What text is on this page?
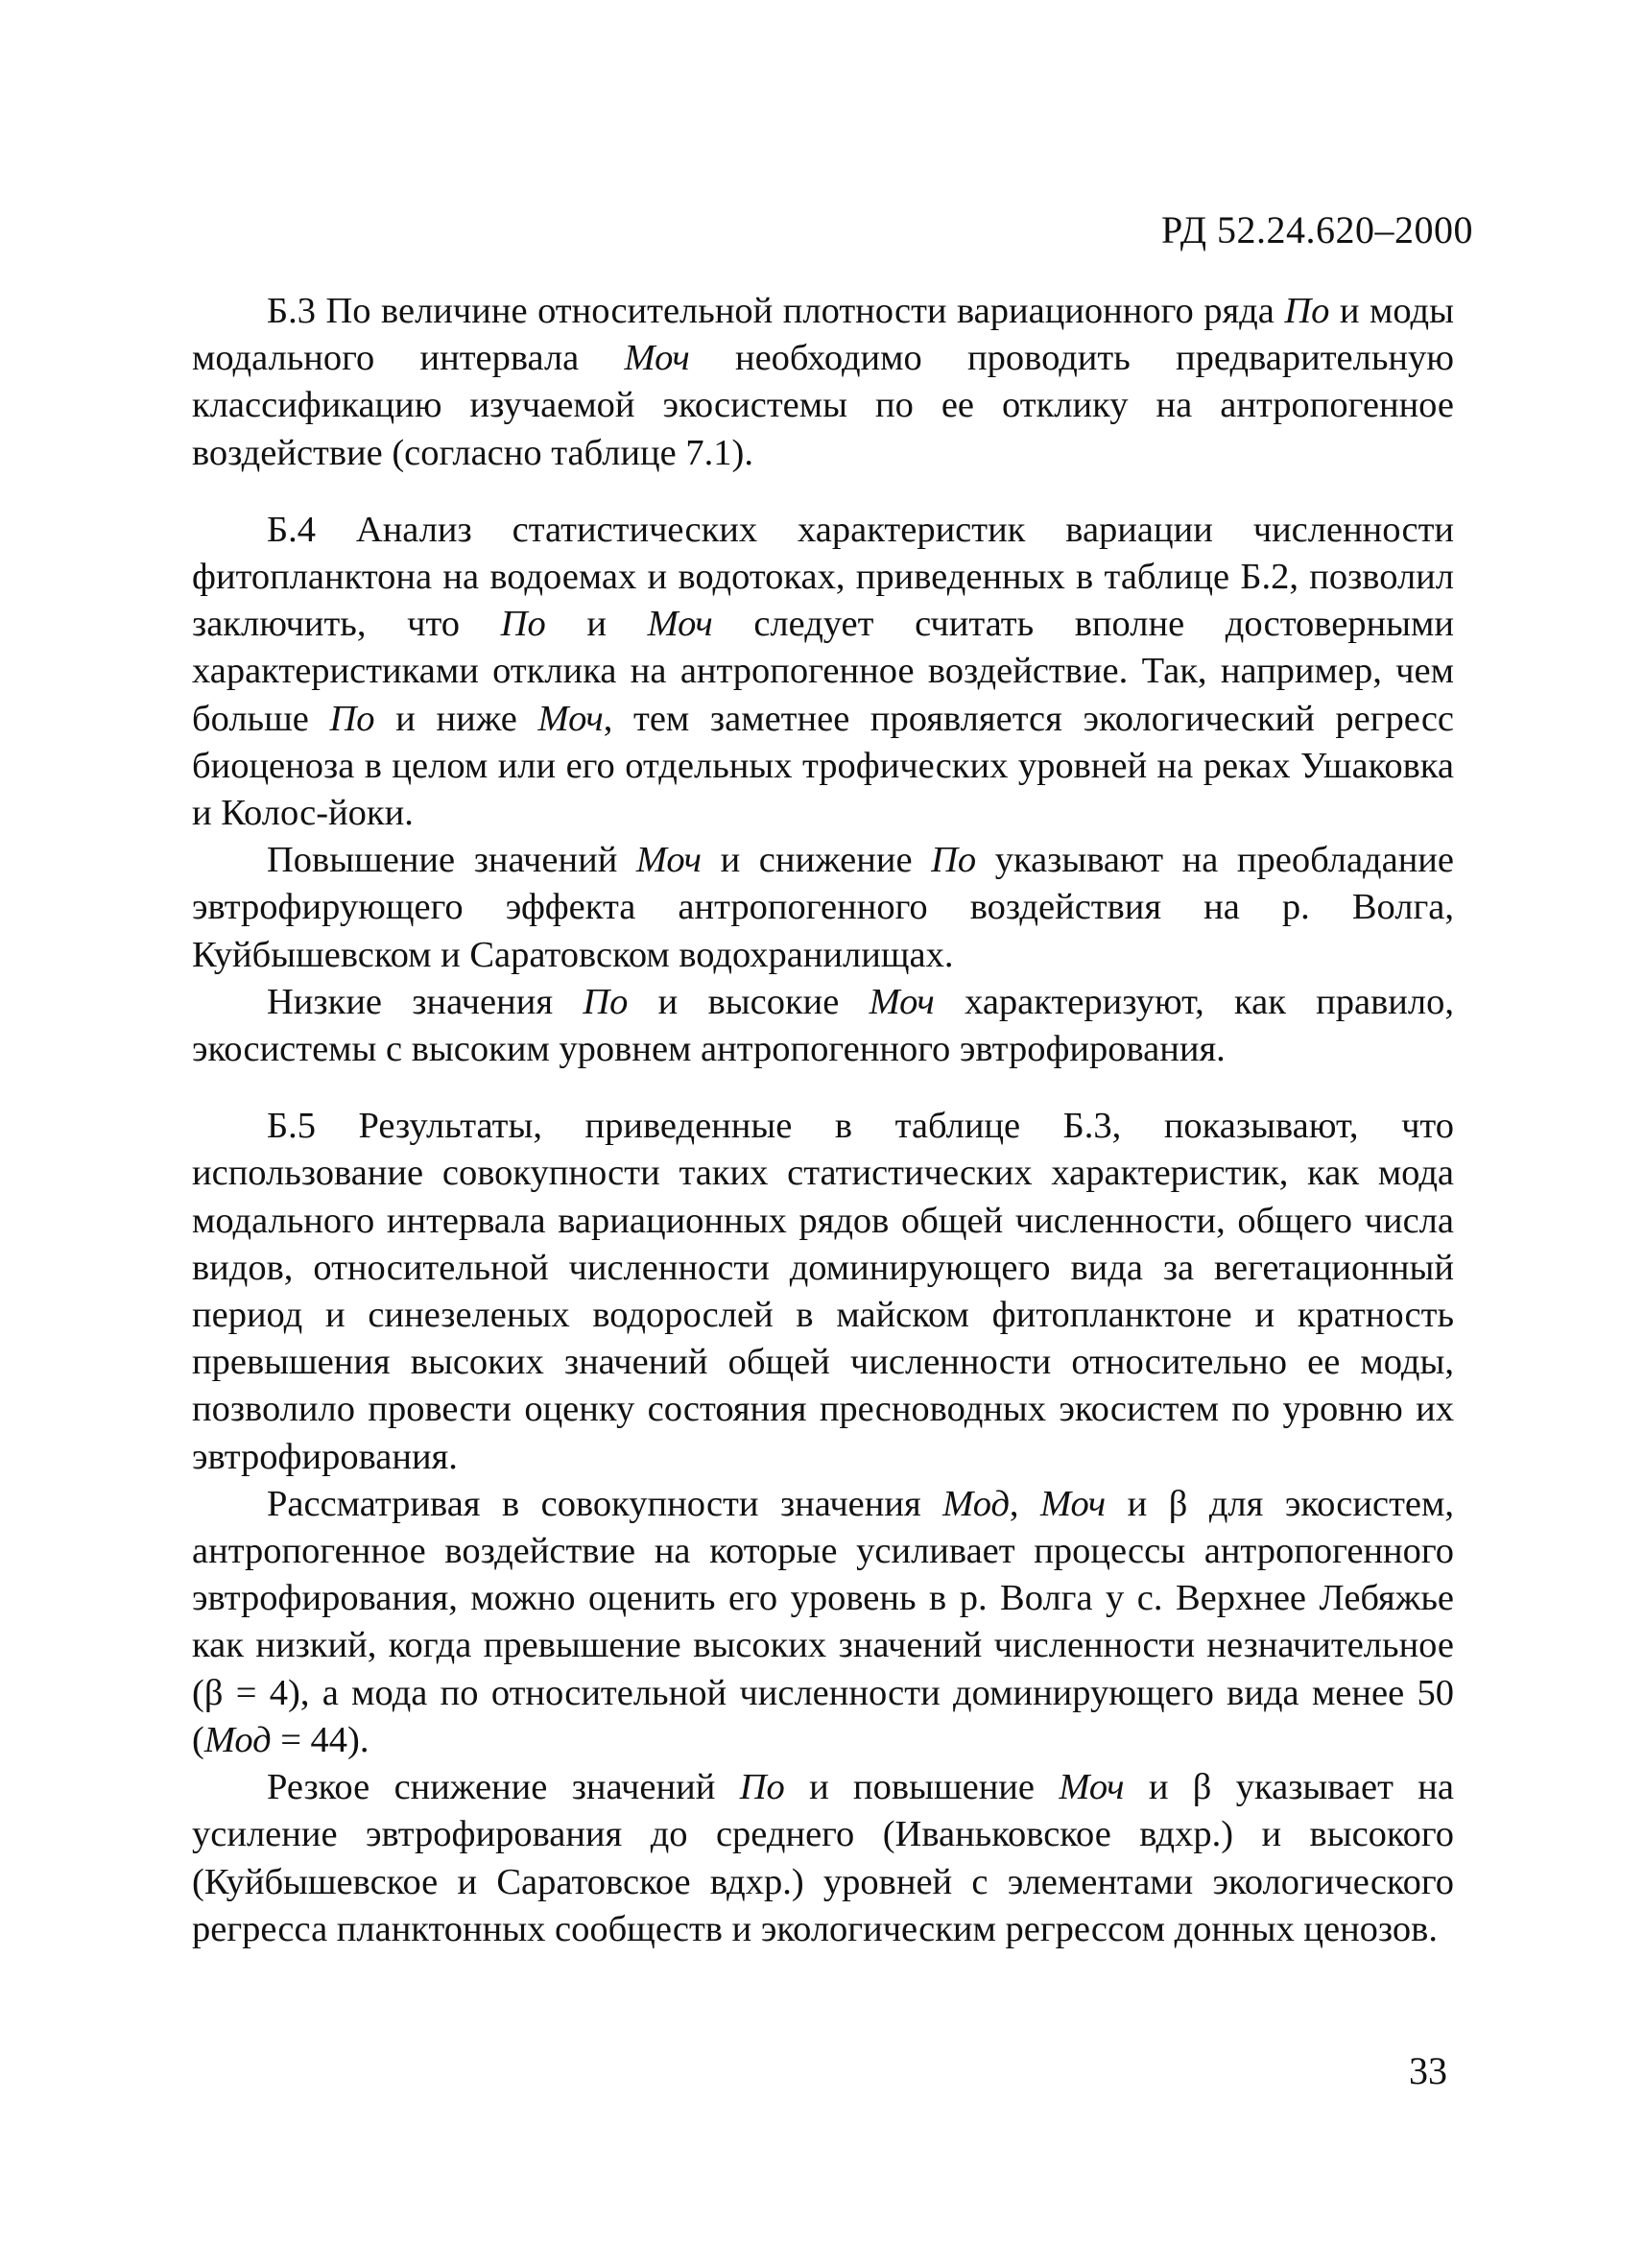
РД 52.24.620–2000

Б.3 По величине относительной плотности вариационного ряда По и моды модального интервала Моч необходимо проводить предварительную классификацию изучаемой экосистемы по ее отклику на антропогенное воздействие (согласно таблице 7.1).

Б.4 Анализ статистических характеристик вариации численности фитопланктона на водоемах и водотоках, приведенных в таблице Б.2, позволил заключить, что По и Моч следует считать вполне достоверными характеристиками отклика на антропогенное воздействие. Так, например, чем больше По и ниже Моч, тем заметнее проявляется экологический регресс биоценоза в целом или его отдельных трофических уровней на реках Ушаковка и Колос-йоки.

Повышение значений Моч и снижение По указывают на преобладание эвтрофирующего эффекта антропогенного воздействия на р. Волга, Куйбышевском и Саратовском водохранилищах.

Низкие значения По и высокие Моч характеризуют, как правило, экосистемы с высоким уровнем антропогенного эвтрофирования.

Б.5 Результаты, приведенные в таблице Б.3, показывают, что использование совокупности таких статистических характеристик, как мода модального интервала вариационных рядов общей численности, общего числа видов, относительной численности доминирующего вида за вегетационный период и синезеленых водорослей в майском фитопланктоне и кратность превышения высоких значений общей численности относительно ее моды, позволило провести оценку состояния пресноводных экосистем по уровню их эвтрофирования.

Рассматривая в совокупности значения Мод, Моч и β для экосистем, антропогенное воздействие на которые усиливает процессы антропогенного эвтрофирования, можно оценить его уровень в р. Волга у с. Верхнее Лебяжье как низкий, когда превышение высоких значений численности незначительное (β = 4), а мода по относительной численности доминирующего вида менее 50 (Мод = 44).

Резкое снижение значений По и повышение Моч и β указывает на усиление эвтрофирования до среднего (Иваньковское вдхр.) и высокого (Куйбышевское и Саратовское вдхр.) уровней с элементами экологического регресса планктонных сообществ и экологическим регрессом донных ценозов.

33
